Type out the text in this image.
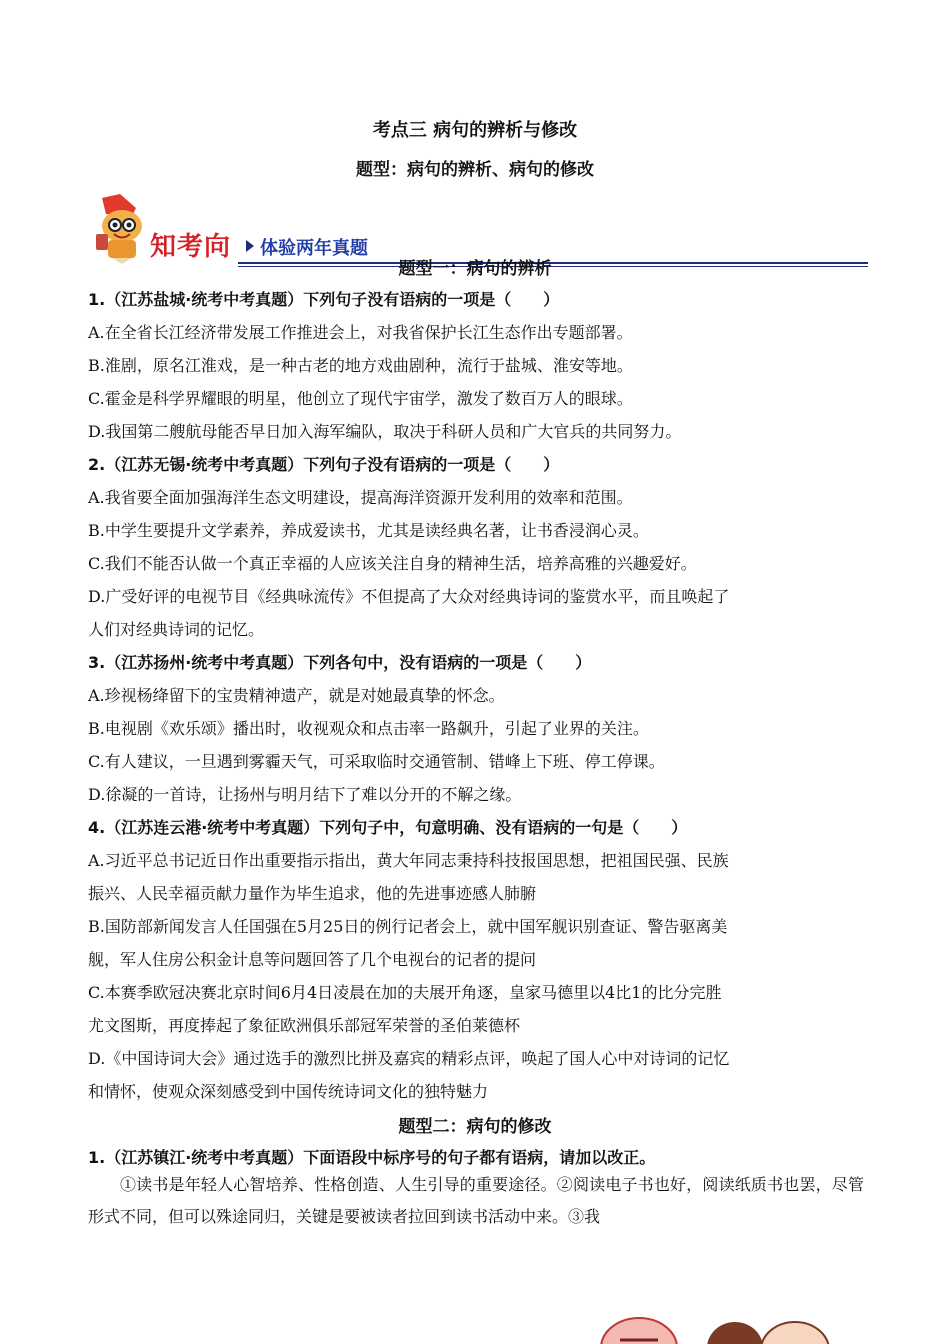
考点三 病句的辨析与修改
题型：病句的辨析、病句的修改
知考向 体验两年真题
题型一：病句的辨析
1.（江苏盐城·统考中考真题）下列句子没有语病的一项是（　　）
A.在全省长江经济带发展工作推进会上，对我省保护长江生态作出专题部署。
B.淮剧，原名江淮戏，是一种古老的地方戏曲剧种，流行于盐城、淮安等地。
C.霍金是科学界耀眼的明星，他创立了现代宇宙学，激发了数百万人的眼球。
D.我国第二艘航母能否早日加入海军编队，取决于科研人员和广大官兵的共同努力。
2.（江苏无锡·统考中考真题）下列句子没有语病的一项是（　　）
A.我省要全面加强海洋生态文明建设，提高海洋资源开发利用的效率和范围。
B.中学生要提升文学素养，养成爱读书，尤其是读经典名著，让书香浸润心灵。
C.我们不能否认做一个真正幸福的人应该关注自身的精神生活，培养高雅的兴趣爱好。
D.广受好评的电视节目《经典咏流传》不但提高了大众对经典诗词的鉴赏水平，而且唤起了
人们对经典诗词的记忆。
3.（江苏扬州·统考中考真题）下列各句中，没有语病的一项是（　　）
A.珍视杨绛留下的宝贵精神遗产，就是对她最真挚的怀念。
B.电视剧《欢乐颂》播出时，收视观众和点击率一路飙升，引起了业界的关注。
C.有人建议，一旦遇到雾霾天气，可采取临时交通管制、错峰上下班、停工停课。
D.徐凝的一首诗，让扬州与明月结下了难以分开的不解之缘。
4.（江苏连云港·统考中考真题）下列句子中，句意明确、没有语病的一句是（　　）
A.习近平总书记近日作出重要指示指出，黄大年同志秉持科技报国思想，把祖国民强、民族
振兴、人民幸福贡献力量作为毕生追求，他的先进事迹感人肺腑
B.国防部新闻发言人任国强在5月25日的例行记者会上，就中国军舰识别查证、警告驱离美
舰，军人住房公积金计息等问题回答了几个电视台的记者的提问
C.本赛季欧冠决赛北京时间6月4日凌晨在加的夫展开角逐，皇家马德里以4比1的比分完胜
尤文图斯，再度捧起了象征欧洲俱乐部冠军荣誉的圣伯莱德杯
D.《中国诗词大会》通过选手的激烈比拼及嘉宾的精彩点评，唤起了国人心中对诗词的记忆
和情怀，使观众深刻感受到中国传统诗词文化的独特魅力
题型二：病句的修改
1.（江苏镇江·统考中考真题）下面语段中标序号的句子都有语病，请加以改正。
①读书是年轻人心智培养、性格创造、人生引导的重要途径。②阅读电子书也好，阅读纸质书也罢，尽管形式不同，但可以殊途同归，关键是要被读者拉回到读书活动中来。③我
